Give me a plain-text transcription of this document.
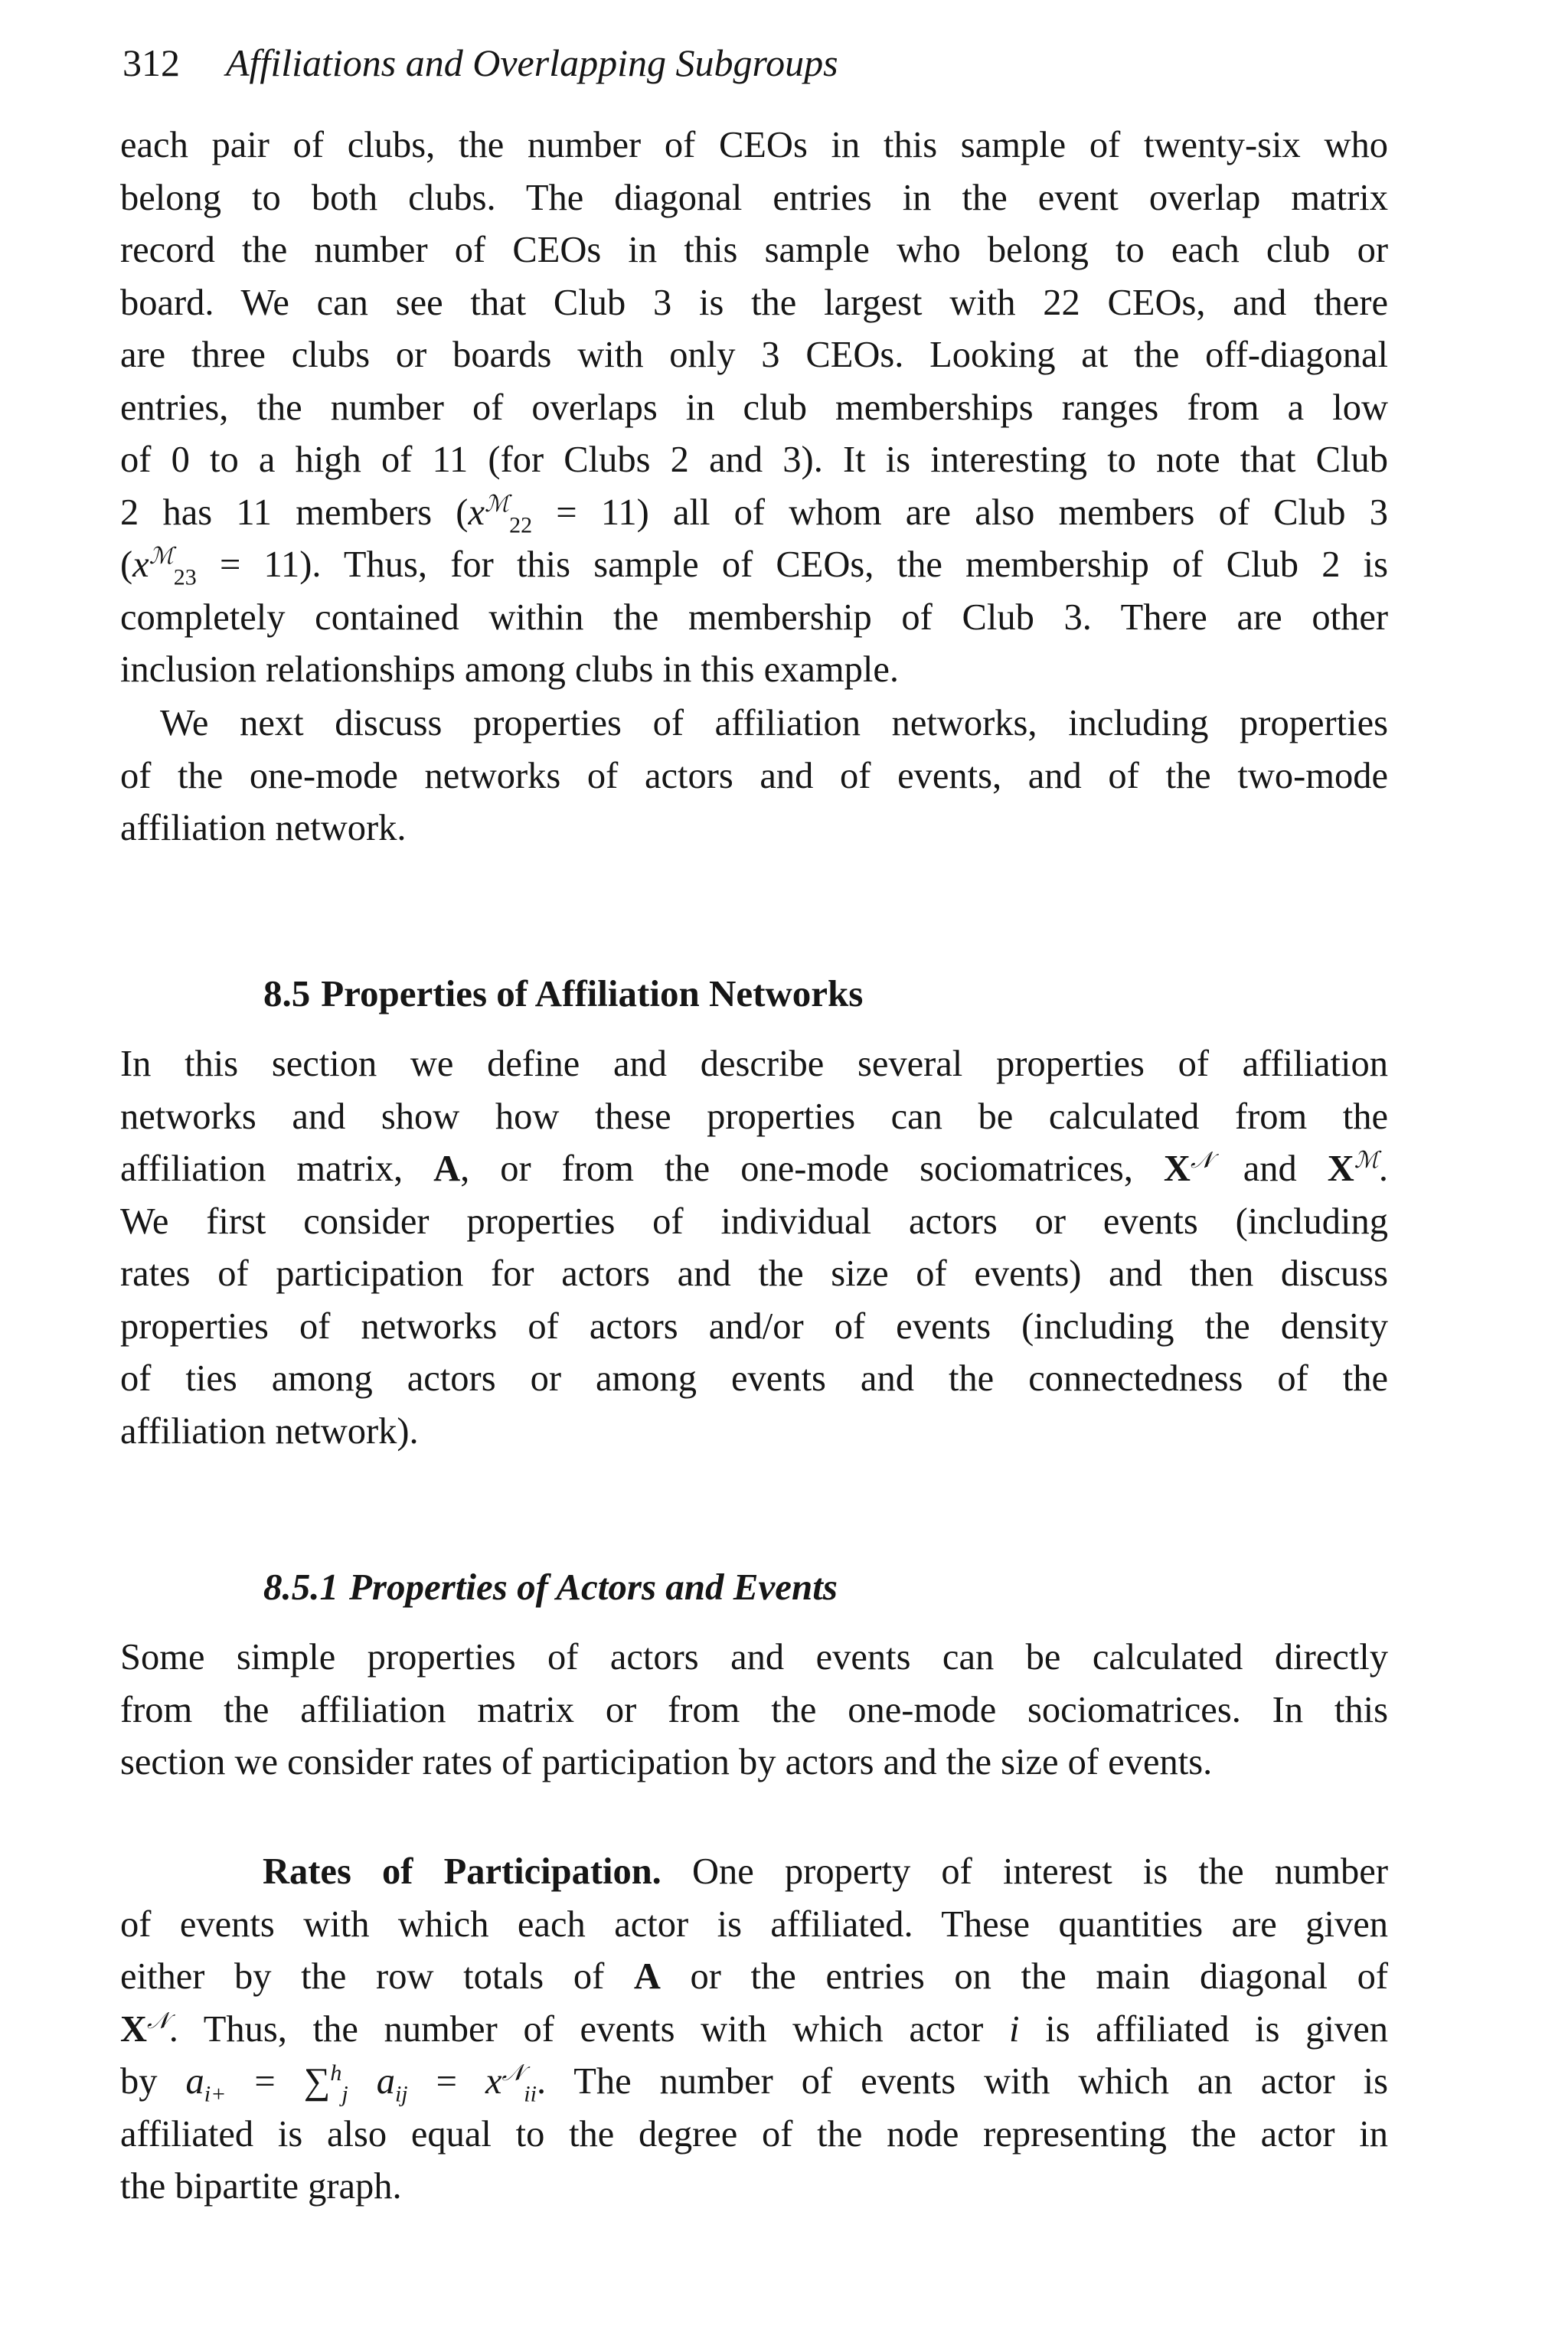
312 Affiliations and Overlapping Subgroups
each pair of clubs, the number of CEOs in this sample of twenty-six who
belong to both clubs. The diagonal entries in the event overlap matrix
record the number of CEOs in this sample who belong to each club or
board. We can see that Club 3 is the largest with 22 CEOs, and there
are three clubs or boards with only 3 CEOs. Looking at the off-diagonal
entries, the number of overlaps in club memberships ranges from a low
of 0 to a high of 11 (for Clubs 2 and 3). It is interesting to note that Club
2 has 11 members $(x^ℳ_{22} = 11)$ all of whom are also members of Club 3
$(x^ℳ_{23} = 11)$. Thus, for this sample of CEOs, the membership of Club 2 is
completely contained within the membership of Club 3. There are other
inclusion relationships among clubs in this example.
We next discuss properties of affiliation networks, including properties
of the one-mode networks of actors and of events, and of the two-mode
affiliation network.
8.5 Properties of Affiliation Networks
In this section we define and describe several properties of affiliation
networks and show how these properties can be calculated from the
affiliation matrix, A, or from the one-mode sociomatrices, $X^𝒩$ and $X^ℳ$.
We first consider properties of individual actors or events (including
rates of participation for actors and the size of events) and then discuss
properties of networks of actors and/or of events (including the density
of ties among actors or among events and the connectedness of the
affiliation network).
8.5.1 Properties of Actors and Events
Some simple properties of actors and events can be calculated directly
from the affiliation matrix or from the one-mode sociomatrices. In this
section we consider rates of participation by actors and the size of events.
Rates of Participation. One property of interest is the number
of events with which each actor is affiliated. These quantities are given
either by the row totals of A or the entries on the main diagonal of
$X^𝒩$. Thus, the number of events with which actor i is affiliated is given
by $a_{i+} = \sum^h_j$ $a_{ij} = x^𝒩_{ii}$. The number of events with which an actor is
affiliated is also equal to the degree of the node representing the actor in
the bipartite graph.
